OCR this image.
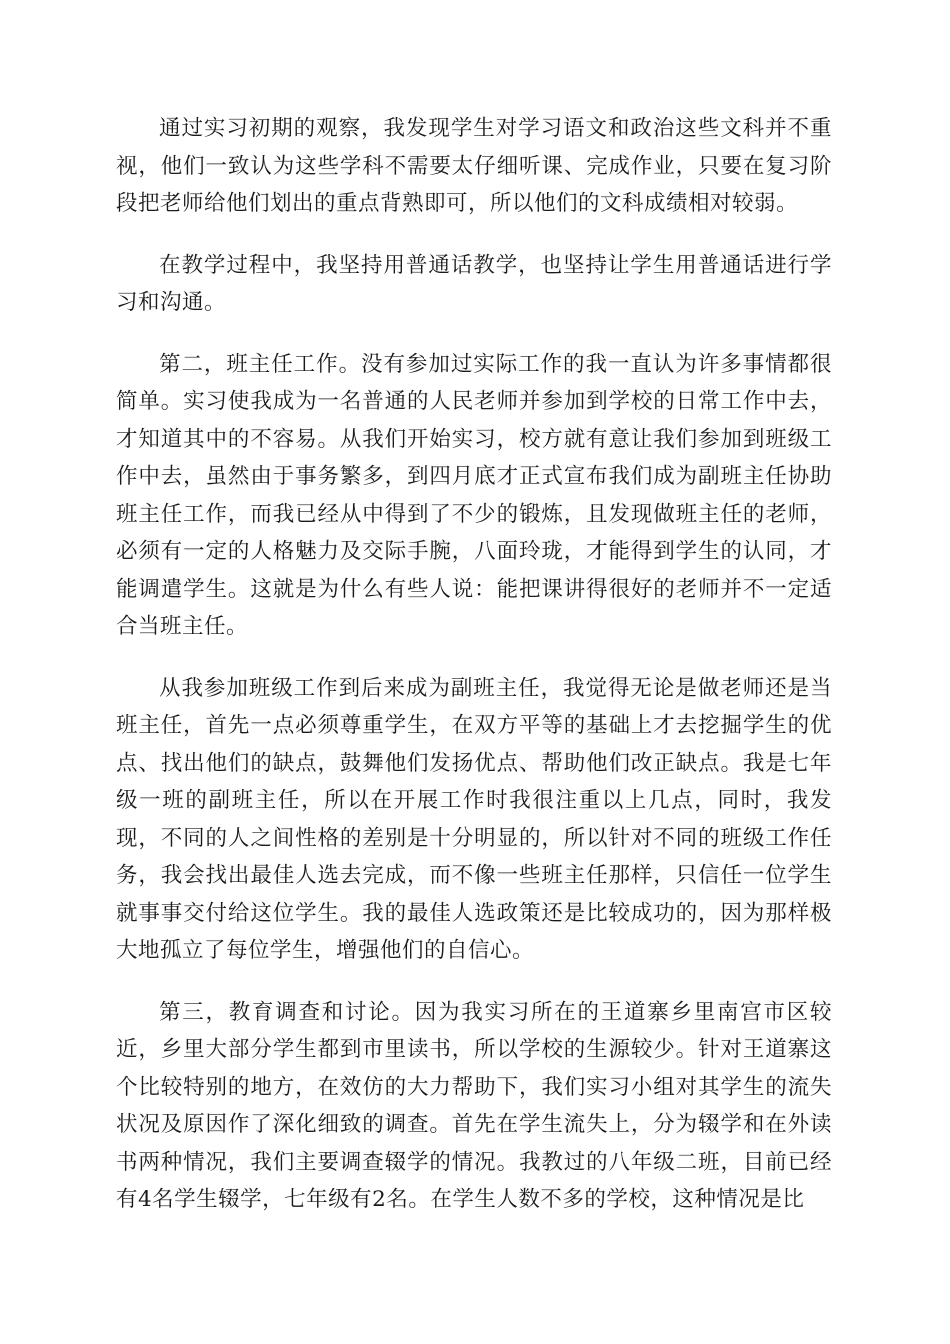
通过实习初期的观察，我发现学生对学习语文和政治这些文科并不重视，他们一致认为这些学科不需要太仔细听课、完成作业，只要在复习阶段把老师给他们划出的重点背熟即可，所以他们的文科成绩相对较弱。

在教学过程中，我坚持用普通话教学，也坚持让学生用普通话进行学习和沟通。

第二，班主任工作。没有参加过实际工作的我一直认为许多事情都很简单。实习使我成为一名普通的人民老师并参加到学校的日常工作中去，才知道其中的不容易。从我们开始实习，校方就有意让我们参加到班级工作中去，虽然由于事务繁多，到四月底才正式宣布我们成为副班主任协助班主任工作，而我已经从中得到了不少的锻炼，且发现做班主任的老师，必须有一定的人格魅力及交际手腕，八面玲珑，才能得到学生的认同，才能调遣学生。这就是为什么有些人说：能把课讲得很好的老师并不一定适合当班主任。

从我参加班级工作到后来成为副班主任，我觉得无论是做老师还是当班主任，首先一点必须尊重学生，在双方平等的基础上才去挖掘学生的优点、找出他们的缺点，鼓舞他们发扬优点、帮助他们改正缺点。我是七年级一班的副班主任，所以在开展工作时我很注重以上几点，同时，我发现，不同的人之间性格的差别是十分明显的，所以针对不同的班级工作任务，我会找出最佳人选去完成，而不像一些班主任那样，只信任一位学生就事事交付给这位学生。我的最佳人选政策还是比较成功的，因为那样极大地孤立了每位学生，增强他们的自信心。

第三，教育调查和讨论。因为我实习所在的王道寨乡里南宫市区较近，乡里大部分学生都到市里读书，所以学校的生源较少。针对王道寨这个比较特别的地方，在效仿的大力帮助下，我们实习小组对其学生的流失状况及原因作了深化细致的调查。首先在学生流失上，分为辍学和在外读书两种情况，我们主要调查辍学的情况。我教过的八年级二班，目前已经有4名学生辍学，七年级有2名。在学生人数不多的学校，这种情况是比
